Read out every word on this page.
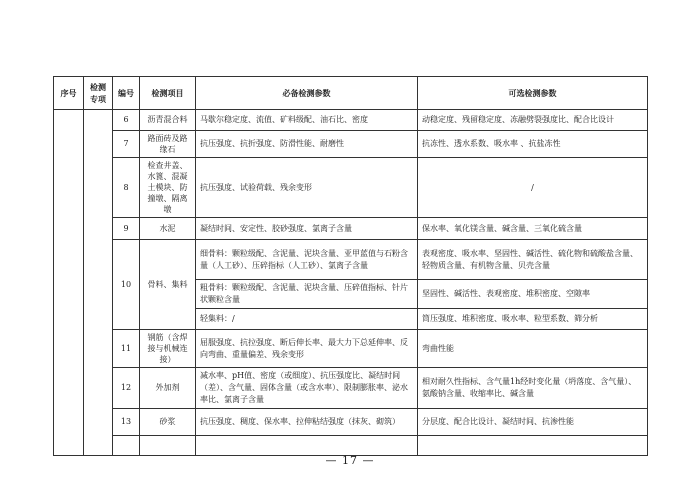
序号	检测专项	编号	检测项目	必备检测参数	可选检测参数
		6	沥青混合料	马歇尔稳定度、流值、矿料级配、油石比、密度	动稳定度、残留稳定度、冻融劈裂强度比、配合比设计
		7	路面砖及路缘石	抗压强度、抗折强度、防滑性能、耐磨性	抗冻性、透水系数、吸水率 、抗盐冻性
		8	检查井盖、水篦、混凝土模块、防撞墩、隔离墩	抗压强度、试验荷载、残余变形	/
		9	水泥	凝结时间、安定性、胶砂强度、氯离子含量	保水率、氧化镁含量、碱含量、三氧化硫含量
		10	骨料、集料	细骨料：颗粒级配、含泥量、泥块含量、亚甲蓝值与石粉含量（人工砂）、压碎指标（人工砂）、氯离子含量	表观密度、吸水率、坚固性、碱活性、硫化物和硫酸盐含量、轻物质含量、有机物含量、贝壳含量
				粗骨料：颗粒级配、含泥量、泥块含量、压碎值指标、针片状颗粒含量	坚固性、碱活性、表观密度、堆积密度、空隙率
				轻集料：/	筒压强度、堆积密度、吸水率、粒型系数、筛分析
		11	钢筋（含焊接与机械连接）	屈服强度、抗拉强度、断后伸长率、最大力下总延伸率、反向弯曲、重量偏差、残余变形	弯曲性能
		12	外加剂	减水率、pH值、密度（或细度）、抗压强度比、凝结时间（差）、含气量、固体含量（或含水率）、限制膨胀率、泌水率比、氯离子含量	相对耐久性指标、含气量1h经时变化量（坍落度、含气量）、氨酸钠含量、收缩率比、碱含量
		13	砂浆	抗压强度、稠度、保水率、拉伸粘结强度（抹灰、砌筑）	分层度、配合比设计、凝结时间、抗渗性能

— 17 —
